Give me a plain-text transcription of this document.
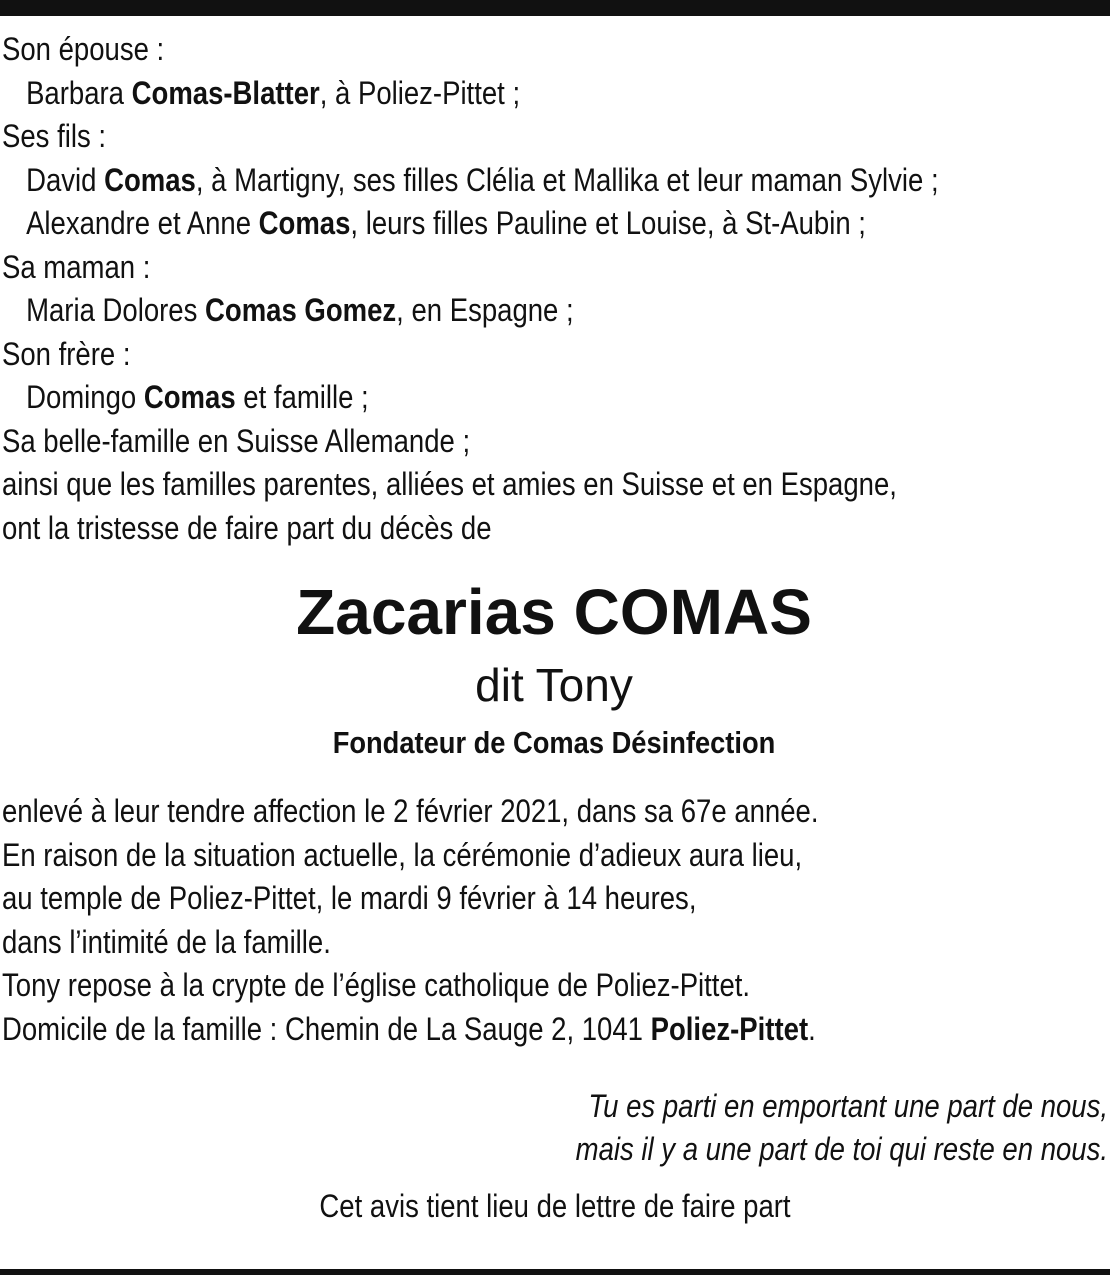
Son épouse :
Barbara Comas-Blatter, à Poliez-Pittet ;
Ses fils :
David Comas, à Martigny, ses filles Clélia et Mallika et leur maman Sylvie ;
Alexandre et Anne Comas, leurs filles Pauline et Louise, à St-Aubin ;
Sa maman :
Maria Dolores Comas Gomez, en Espagne ;
Son frère :
Domingo Comas et famille ;
Sa belle-famille en Suisse Allemande ;
ainsi que les familles parentes, alliées et amies en Suisse et en Espagne,
ont la tristesse de faire part du décès de
Zacarias COMAS
dit Tony
Fondateur de Comas Désinfection
enlevé à leur tendre affection le 2 février 2021, dans sa 67e année.
En raison de la situation actuelle, la cérémonie d’adieux aura lieu,
au temple de Poliez-Pittet, le mardi 9 février à 14 heures,
dans l’intimité de la famille.
Tony repose à la crypte de l’église catholique de Poliez-Pittet.
Domicile de la famille : Chemin de La Sauge 2, 1041 Poliez-Pittet.
Tu es parti en emportant une part de nous,
mais il y a une part de toi qui reste en nous.
Cet avis tient lieu de lettre de faire part
